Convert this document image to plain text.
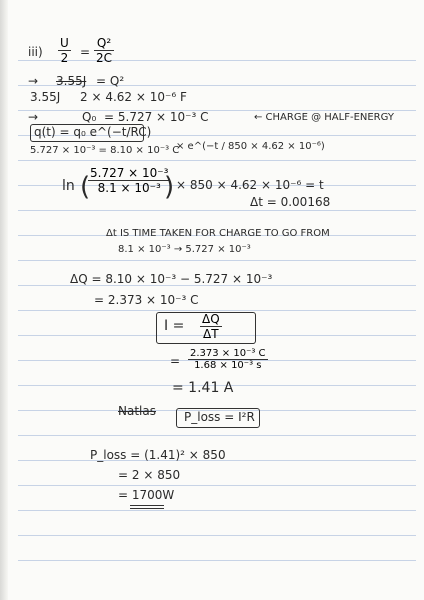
$iii) \frac{U}{2} = \frac{\text{Q²}}{2C}$
→ 3.55J = Q²
3.55J 2 × 4.62 × 10⁻⁶ F
→	Q₀ = 5.727 × 10⁻³ C	← CHARGE @ HALF-ENERGY
q(t) = q₀ e^(−t/RC)
5.727 × 10⁻³ = 8.10 × 10⁻³ C
× e^(−t / 850 × 4.62 × 10⁻⁶)
ln (
$\frac{\text{5.727 × 10⁻³}}{\text{8.1 × 10⁻³}}$
) × 850 × 4.62 × 10⁻⁶ = t
Δt = 0.00168
Δt IS TIME TAKEN FOR CHARGE TO GO FROM
8.1 × 10⁻³ → 5.727 × 10⁻³
ΔQ = 8.10 × 10⁻³ − 5.727 × 10⁻³
= 2.373 × 10⁻³ C
$I = \frac{\Delta Q}{\Delta T}$
= $\frac{\text{2.373 × 10⁻³ C}}{\text{1.68 × 10⁻³ s}}$
= 1.41 A
Natlas P_loss = I²R
P_loss = (1.41)² × 850
= 2 × 850
= 1700W
